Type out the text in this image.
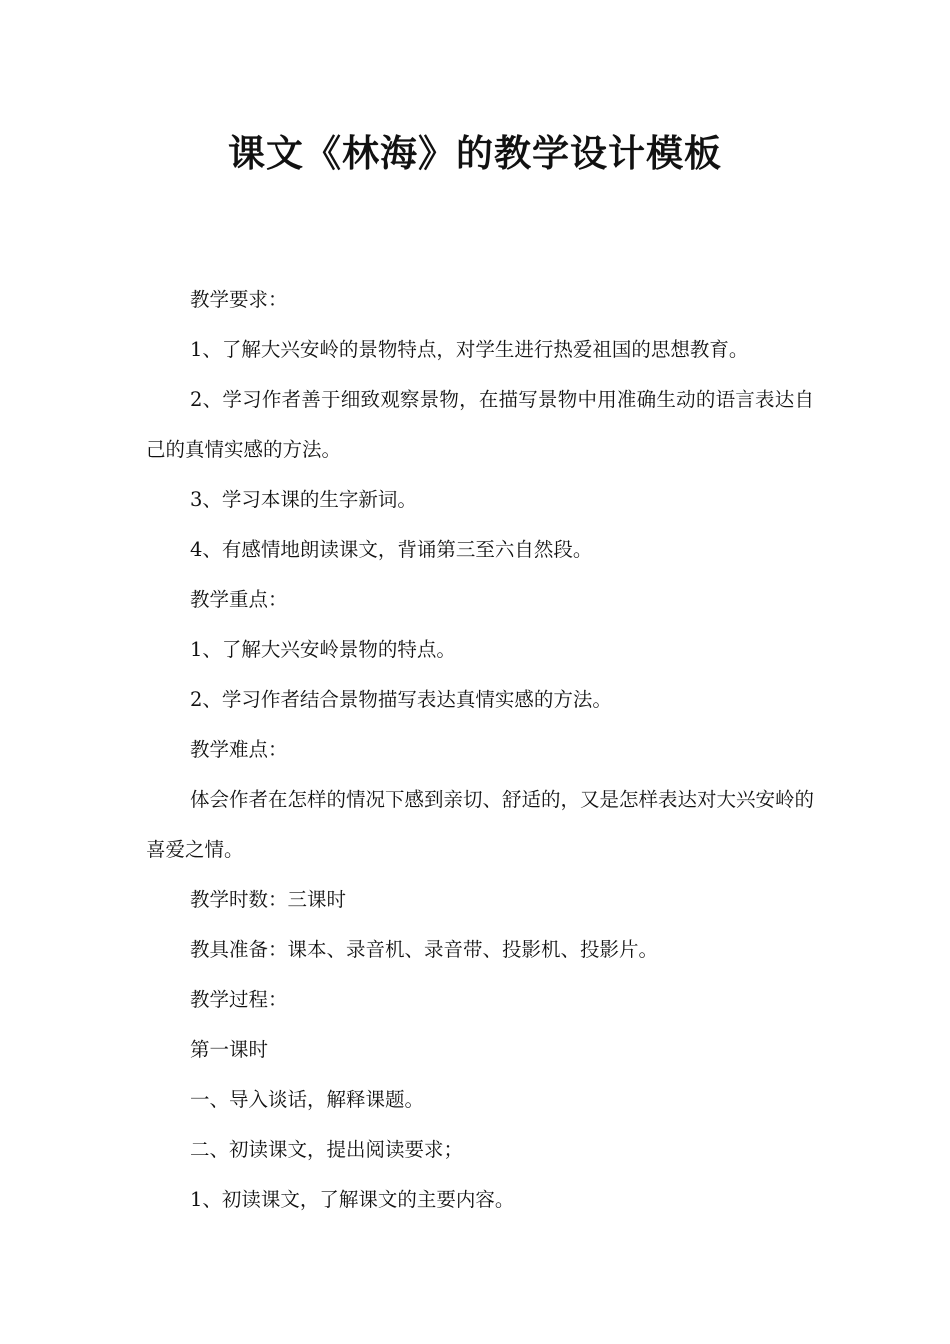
课文《林海》的教学设计模板

教学要求：

1、了解大兴安岭的景物特点，对学生进行热爱祖国的思想教育。

2、学习作者善于细致观察景物，在描写景物中用准确生动的语言表达自己的真情实感的方法。

3、学习本课的生字新词。

4、有感情地朗读课文，背诵第三至六自然段。

教学重点：

1、了解大兴安岭景物的特点。

2、学习作者结合景物描写表达真情实感的方法。

教学难点：

体会作者在怎样的情况下感到亲切、舒适的，又是怎样表达对大兴安岭的喜爱之情。

教学时数：三课时

教具准备：课本、录音机、录音带、投影机、投影片。

教学过程：

第一课时

一、导入谈话，解释课题。

二、初读课文，提出阅读要求；

1、初读课文，了解课文的主要内容。
